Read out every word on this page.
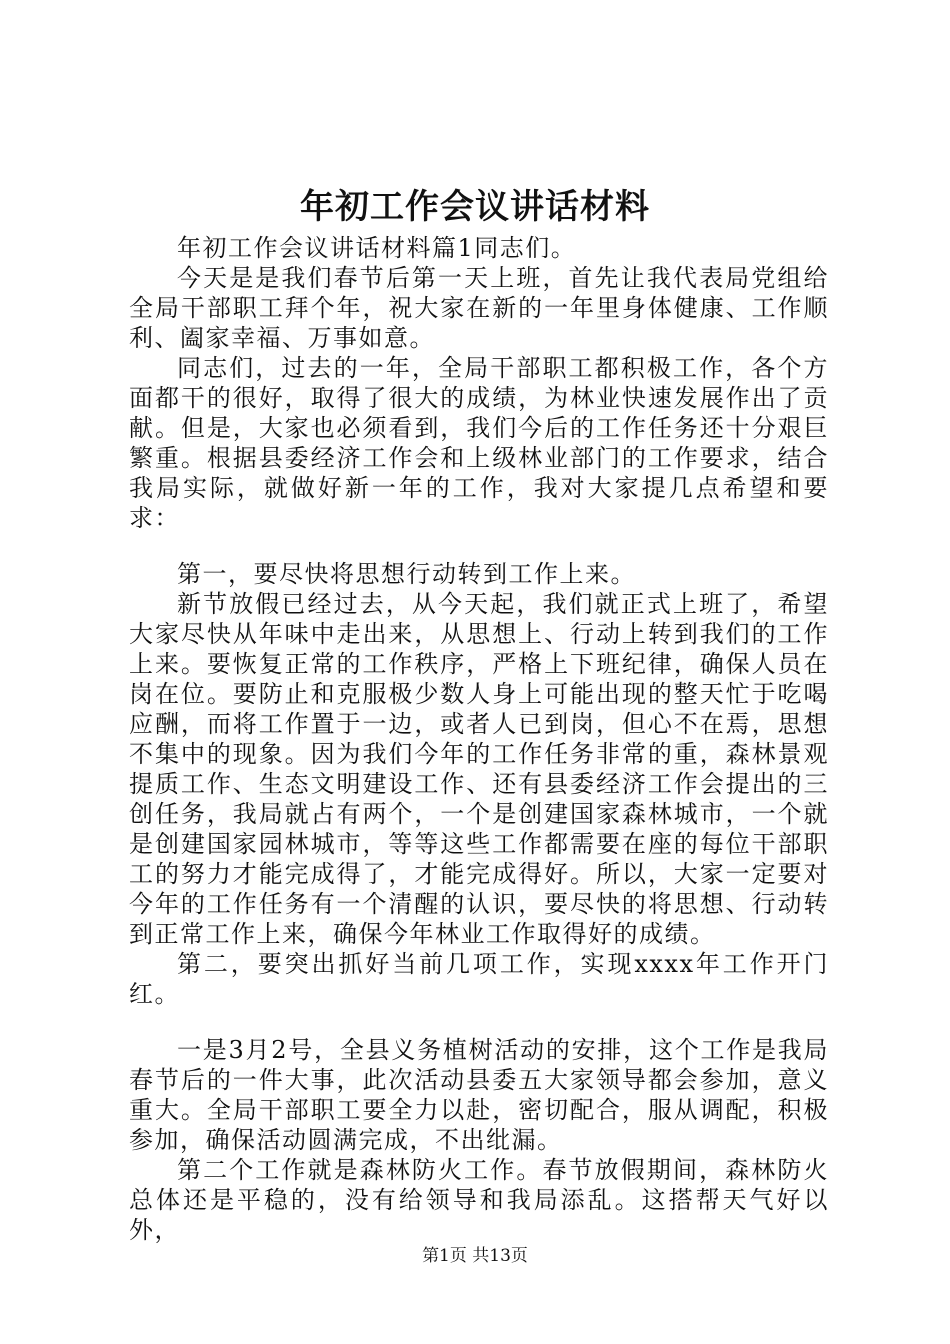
年初工作会议讲话材料

年初工作会议讲话材料篇1同志们。

今天是是我们春节后第一天上班，首先让我代表局党组给全局干部职工拜个年，祝大家在新的一年里身体健康、工作顺利、阖家幸福、万事如意。

同志们，过去的一年，全局干部职工都积极工作，各个方面都干的很好，取得了很大的成绩，为林业快速发展作出了贡献。但是，大家也必须看到，我们今后的工作任务还十分艰巨繁重。根据县委经济工作会和上级林业部门的工作要求，结合我局实际，就做好新一年的工作，我对大家提几点希望和要求：

第一，要尽快将思想行动转到工作上来。

新节放假已经过去，从今天起，我们就正式上班了，希望大家尽快从年味中走出来，从思想上、行动上转到我们的工作上来。要恢复正常的工作秩序，严格上下班纪律，确保人员在岗在位。要防止和克服极少数人身上可能出现的整天忙于吃喝应酬，而将工作置于一边，或者人已到岗，但心不在焉，思想不集中的现象。因为我们今年的工作任务非常的重，森林景观提质工作、生态文明建设工作、还有县委经济工作会提出的三创任务，我局就占有两个，一个是创建国家森林城市，一个就是创建国家园林城市，等等这些工作都需要在座的每位干部职工的努力才能完成得了，才能完成得好。所以，大家一定要对今年的工作任务有一个清醒的认识，要尽快的将思想、行动转到正常工作上来，确保今年林业工作取得好的成绩。

第二，要突出抓好当前几项工作，实现xxxx年工作开门红。

一是3月2号，全县义务植树活动的安排，这个工作是我局春节后的一件大事，此次活动县委五大家领导都会参加，意义重大。全局干部职工要全力以赴，密切配合，服从调配，积极参加，确保活动圆满完成，不出纰漏。

第二个工作就是森林防火工作。春节放假期间，森林防火总体还是平稳的，没有给领导和我局添乱。这搭帮天气好以外，

第1页 共13页
